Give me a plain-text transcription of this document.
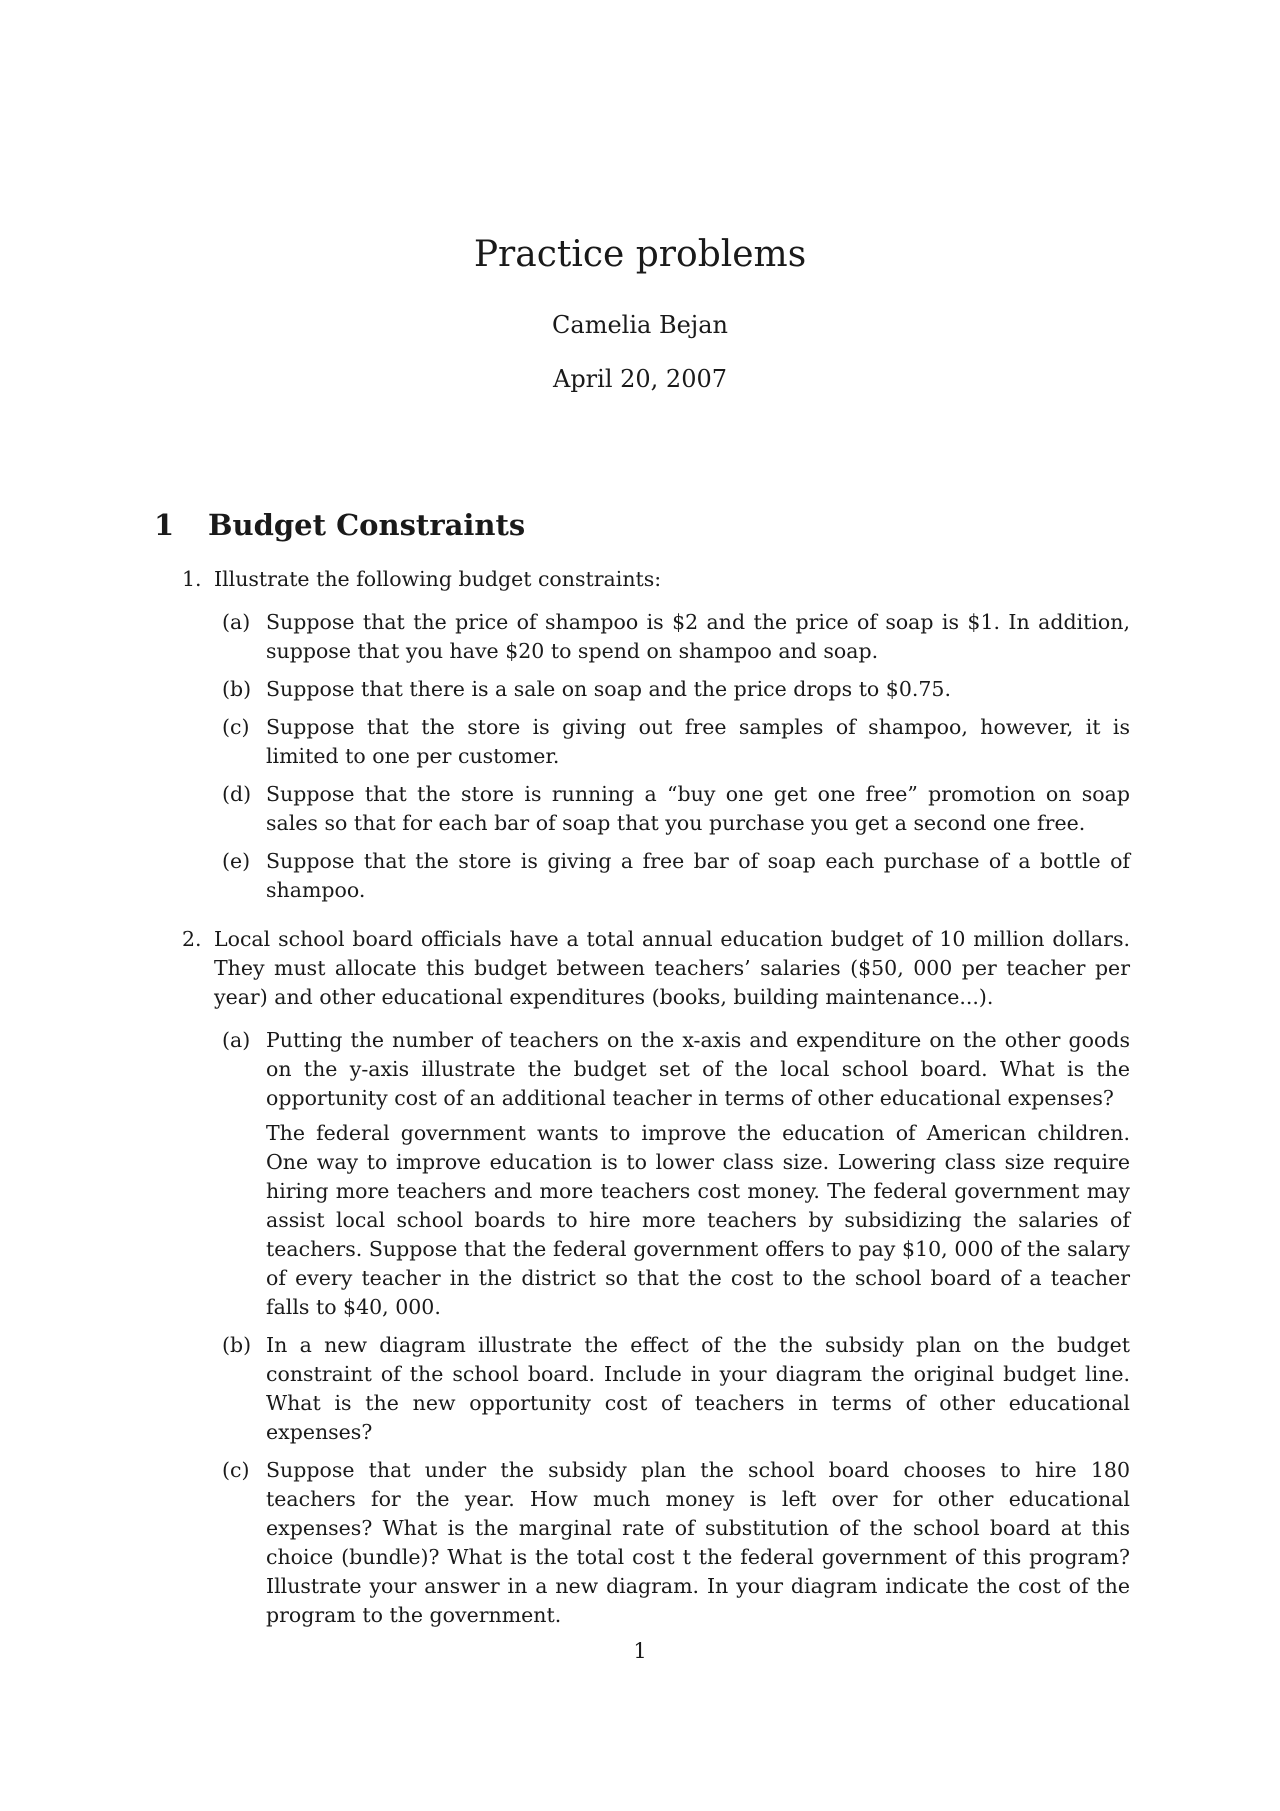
Practice problems
Camelia Bejan
April 20, 2007
1 Budget Constraints
1. Illustrate the following budget constraints:
(a) Suppose that the price of shampoo is $2 and the price of soap is $1. In addition, suppose that you have $20 to spend on shampoo and soap.
(b) Suppose that there is a sale on soap and the price drops to $0.75.
(c) Suppose that the store is giving out free samples of shampoo, however, it is limited to one per customer.
(d) Suppose that the store is running a “buy one get one free” promotion on soap sales so that for each bar of soap that you purchase you get a second one free.
(e) Suppose that the store is giving a free bar of soap each purchase of a bottle of shampoo.
2. Local school board officials have a total annual education budget of 10 million dollars. They must allocate this budget between teachers’ salaries ($50, 000 per teacher per year) and other educational expenditures (books, building maintenance...).
(a) Putting the number of teachers on the x-axis and expenditure on the other goods on the y-axis illustrate the budget set of the local school board. What is the opportunity cost of an additional teacher in terms of other educational expenses?
The federal government wants to improve the education of American children. One way to improve education is to lower class size. Lowering class size require hiring more teachers and more teachers cost money. The federal government may assist local school boards to hire more teachers by subsidizing the salaries of teachers. Suppose that the federal government offers to pay $10, 000 of the salary of every teacher in the district so that the cost to the school board of a teacher falls to $40, 000.
(b) In a new diagram illustrate the effect of the the subsidy plan on the budget constraint of the school board. Include in your diagram the original budget line. What is the new opportunity cost of teachers in terms of other educational expenses?
(c) Suppose that under the subsidy plan the school board chooses to hire 180 teachers for the year. How much money is left over for other educational expenses? What is the marginal rate of substitution of the school board at this choice (bundle)? What is the total cost t the federal government of this program? Illustrate your answer in a new diagram. In your diagram indicate the cost of the program to the government.
1
